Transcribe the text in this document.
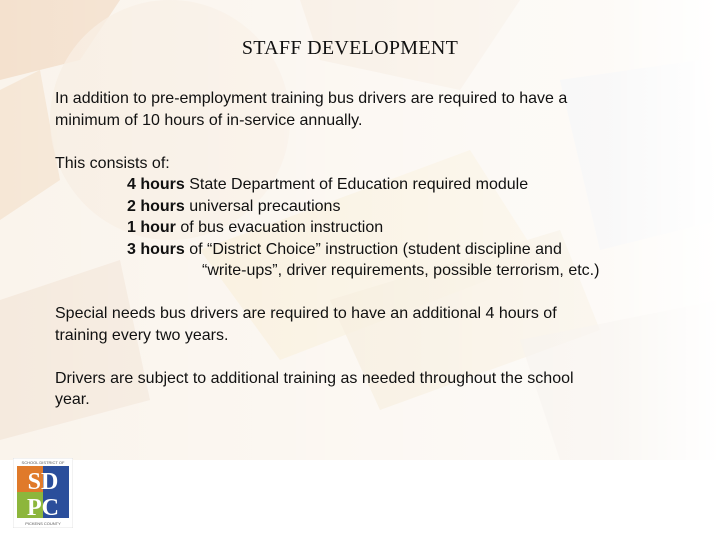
STAFF DEVELOPMENT

In addition to pre-employment training bus drivers are required to have a

minimum of 10 hours of in-service annually.

This consists of:

4 hours State Department of Education required module

2 hours universal precautions

1 hour of bus evacuation instruction

3 hours of “District Choice” instruction (student discipline and

“write-ups”, driver requirements, possible terrorism, etc.)

Special needs bus drivers are required to have an additional 4 hours of

training every two years.

Drivers are subject to additional training as needed throughout the school

year.

SCHOOL DISTRICT OF
SD
PC
PICKENS COUNTY
